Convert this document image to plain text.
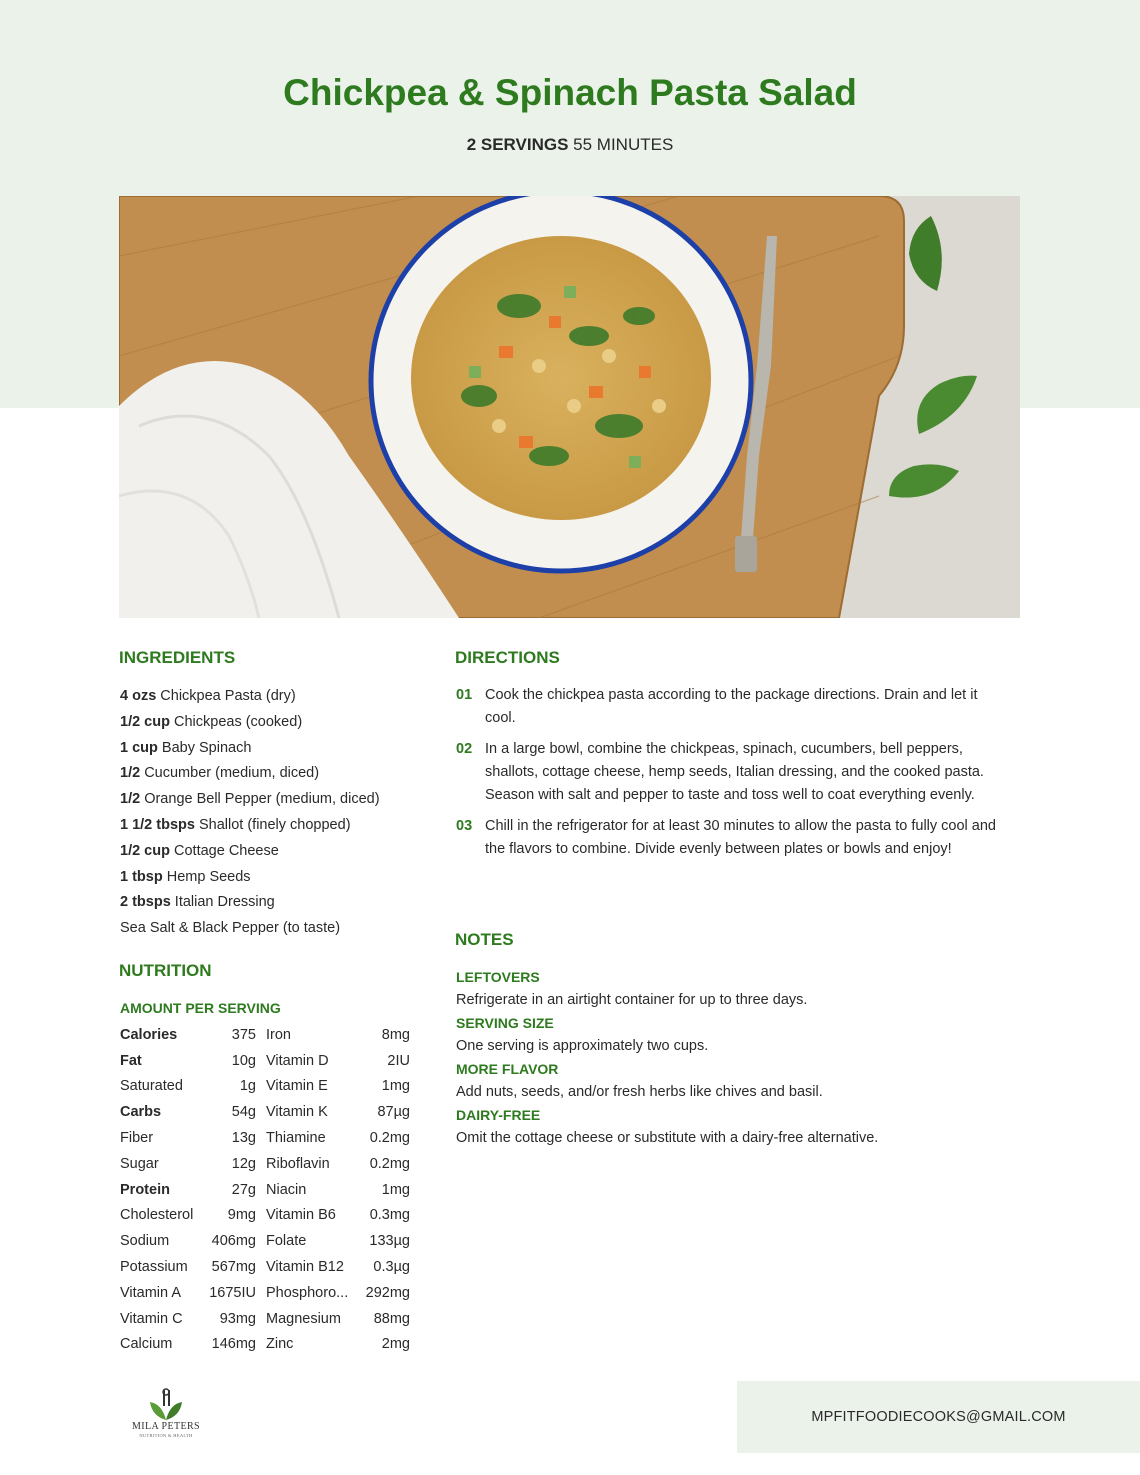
Chickpea & Spinach Pasta Salad
2 SERVINGS 55 MINUTES
INGREDIENTS
4 ozs Chickpea Pasta (dry)
1/2 cup Chickpeas (cooked)
1 cup Baby Spinach
1/2 Cucumber (medium, diced)
1/2 Orange Bell Pepper (medium, diced)
1 1/2 tbsps Shallot (finely chopped)
1/2 cup Cottage Cheese
1 tbsp Hemp Seeds
2 tbsps Italian Dressing
Sea Salt & Black Pepper (to taste)
NUTRITION
AMOUNT PER SERVING
Calories	375	Iron	8mg
Fat	10g	Vitamin D	2IU
Saturated	1g	Vitamin E	1mg
Carbs	54g	Vitamin K	87µg
Fiber	13g	Thiamine	0.2mg
Sugar	12g	Riboflavin	0.2mg
Protein	27g	Niacin	1mg
Cholesterol	9mg	Vitamin B6	0.3mg
Sodium	406mg	Folate	133µg
Potassium	567mg	Vitamin B12	0.3µg
Vitamin A	1675IU	Phosphoro...	292mg
Vitamin C	93mg	Magnesium	88mg
Calcium	146mg	Zinc	2mg
DIRECTIONS
01 Cook the chickpea pasta according to the package directions. Drain and let it cool.
02 In a large bowl, combine the chickpeas, spinach, cucumbers, bell peppers, shallots, cottage cheese, hemp seeds, Italian dressing, and the cooked pasta. Season with salt and pepper to taste and toss well to coat everything evenly.
03 Chill in the refrigerator for at least 30 minutes to allow the pasta to fully cool and the flavors to combine. Divide evenly between plates or bowls and enjoy!
NOTES
LEFTOVERS
Refrigerate in an airtight container for up to three days.
SERVING SIZE
One serving is approximately two cups.
MORE FLAVOR
Add nuts, seeds, and/or fresh herbs like chives and basil.
DAIRY-FREE
Omit the cottage cheese or substitute with a dairy-free alternative.
MILA PETERS
NUTRITION & HEALTH
MPFITFOODIECOOKS@GMAIL.COM
